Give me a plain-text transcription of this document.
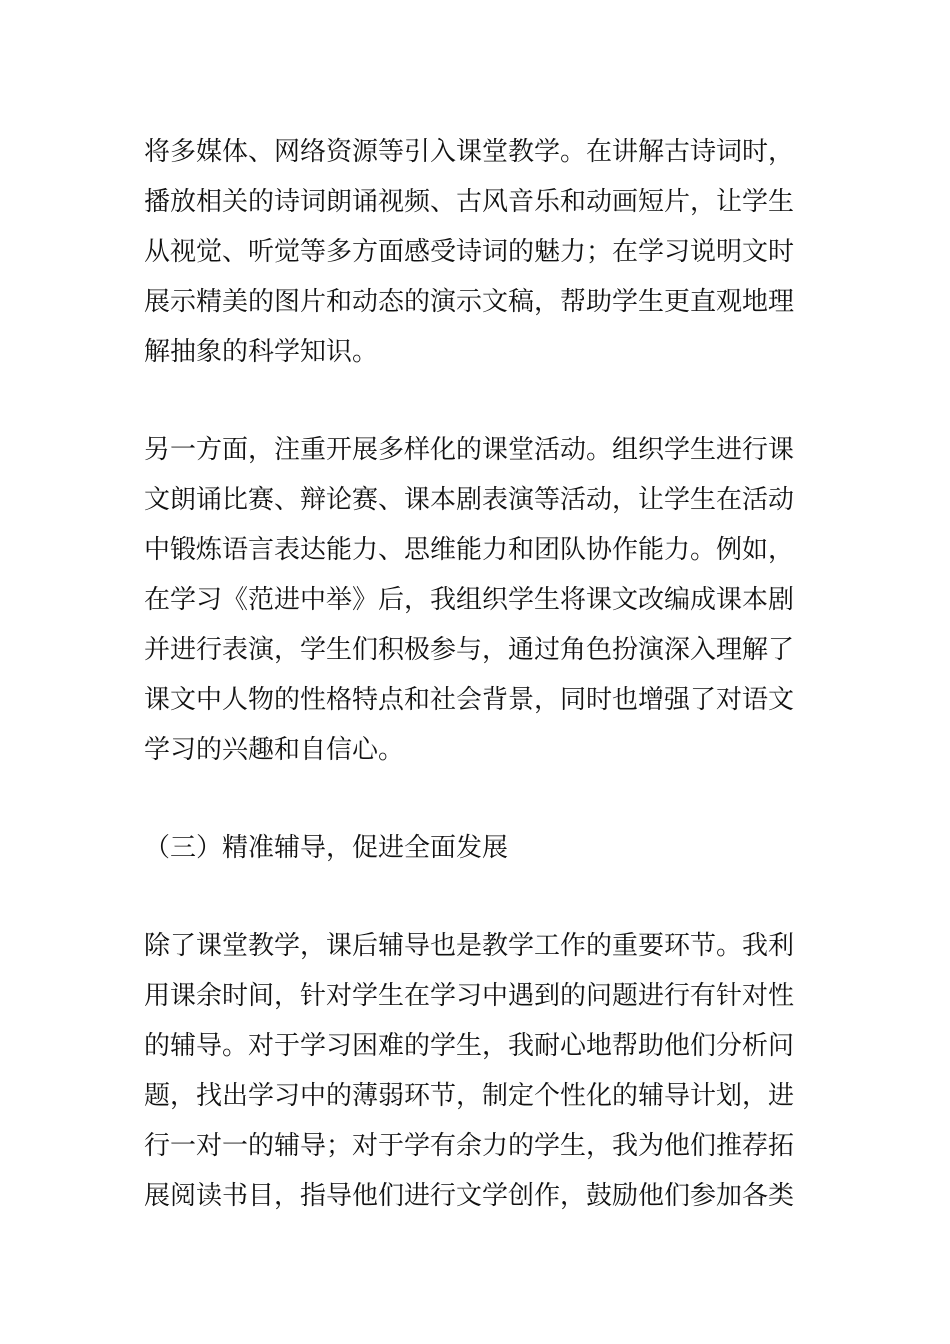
将多媒体、网络资源等引入课堂教学。在讲解古诗词时，
播放相关的诗词朗诵视频、古风音乐和动画短片，让学生
从视觉、听觉等多方面感受诗词的魅力；在学习说明文时
展示精美的图片和动态的演示文稿，帮助学生更直观地理
解抽象的科学知识。
另一方面，注重开展多样化的课堂活动。组织学生进行课
文朗诵比赛、辩论赛、课本剧表演等活动，让学生在活动
中锻炼语言表达能力、思维能力和团队协作能力。例如，
在学习《范进中举》后，我组织学生将课文改编成课本剧
并进行表演，学生们积极参与，通过角色扮演深入理解了
课文中人物的性格特点和社会背景，同时也增强了对语文
学习的兴趣和自信心。
（三）精准辅导，促进全面发展
除了课堂教学，课后辅导也是教学工作的重要环节。我利
用课余时间，针对学生在学习中遇到的问题进行有针对性
的辅导。对于学习困难的学生，我耐心地帮助他们分析问
题，找出学习中的薄弱环节，制定个性化的辅导计划，进
行一对一的辅导；对于学有余力的学生，我为他们推荐拓
展阅读书目，指导他们进行文学创作，鼓励他们参加各类
